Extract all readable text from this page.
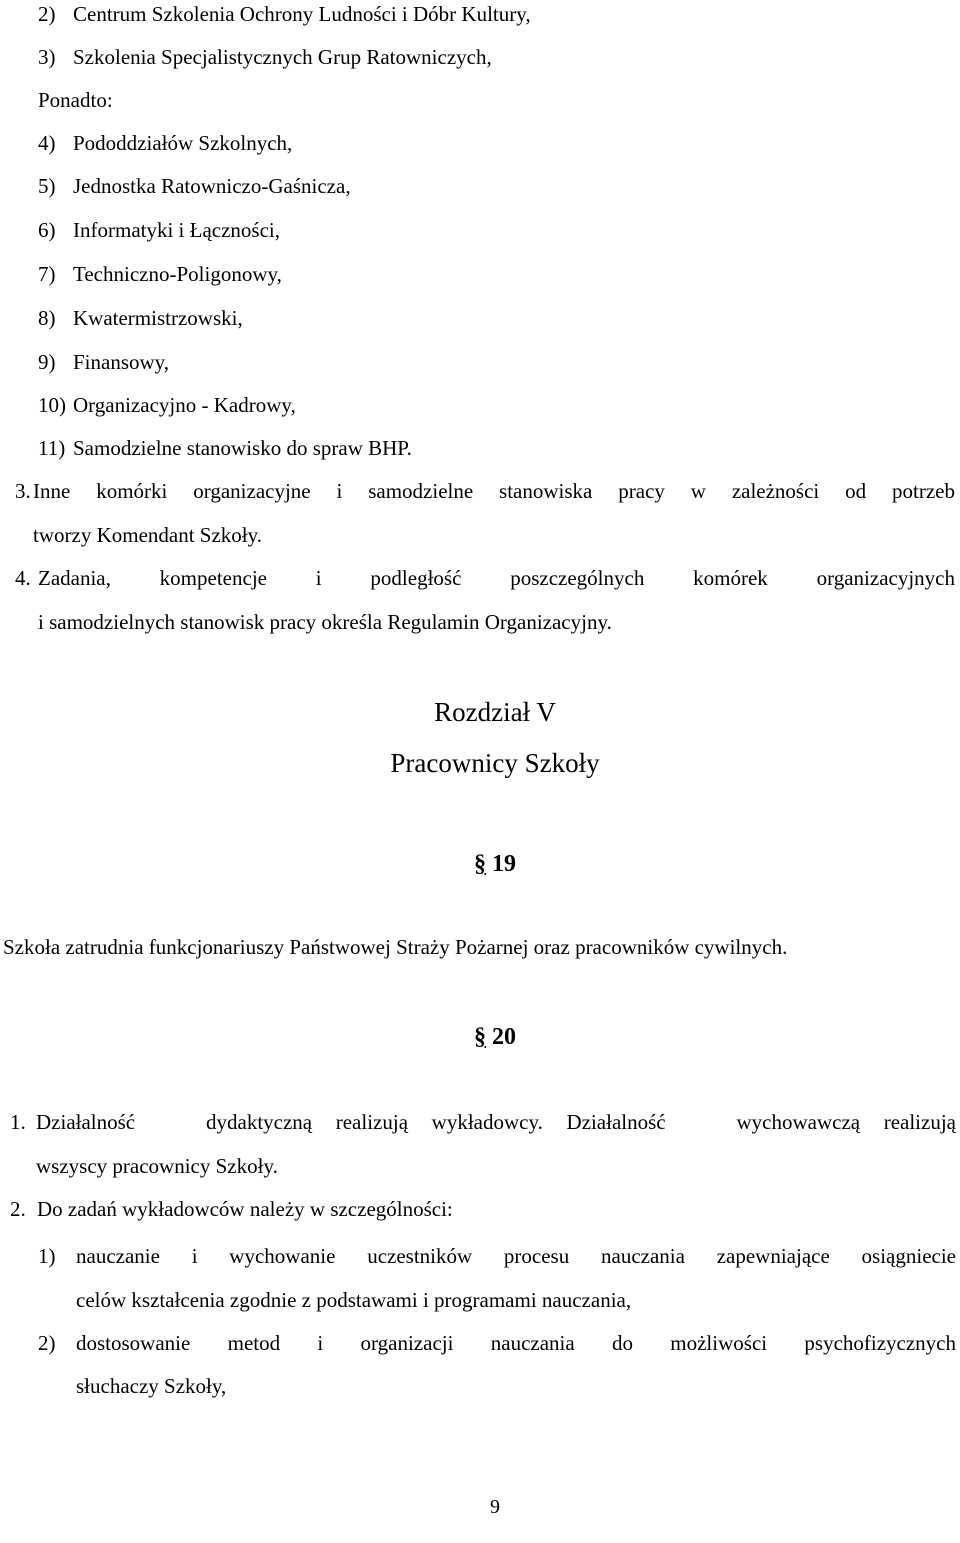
2) Centrum Szkolenia Ochrony Ludności i Dóbr Kultury,
3) Szkolenia Specjalistycznych Grup Ratowniczych,
Ponadto:
4) Pododdziałów Szkolnych,
5) Jednostka Ratowniczo-Gaśnicza,
6) Informatyki i Łączności,
7) Techniczno-Poligonowy,
8) Kwatermistrzowski,
9) Finansowy,
10) Organizacyjno - Kadrowy,
11) Samodzielne stanowisko do spraw BHP.
3. Inne komórki organizacyjne i samodzielne stanowiska pracy w zależności od potrzeb
tworzy Komendant Szkoły.
4. Zadania, kompetencje i podległość poszczególnych komórek organizacyjnych
i samodzielnych stanowisk pracy określa Regulamin Organizacyjny.
Rozdział V
Pracownicy Szkoły
§ 19
Szkoła zatrudnia funkcjonariuszy Państwowej Straży Pożarnej oraz pracowników cywilnych.
§ 20
1. Działalność   dydaktyczną realizują wykładowcy. Działalność   wychowawczą realizują
wszyscy pracownicy Szkoły.
2. Do zadań wykładowców należy w szczególności:
1) nauczanie i wychowanie uczestników procesu nauczania zapewniające osiągniecie
celów kształcenia zgodnie z podstawami i programami nauczania,
2) dostosowanie metod i organizacji nauczania do możliwości psychofizycznych
słuchaczy Szkoły,
9
